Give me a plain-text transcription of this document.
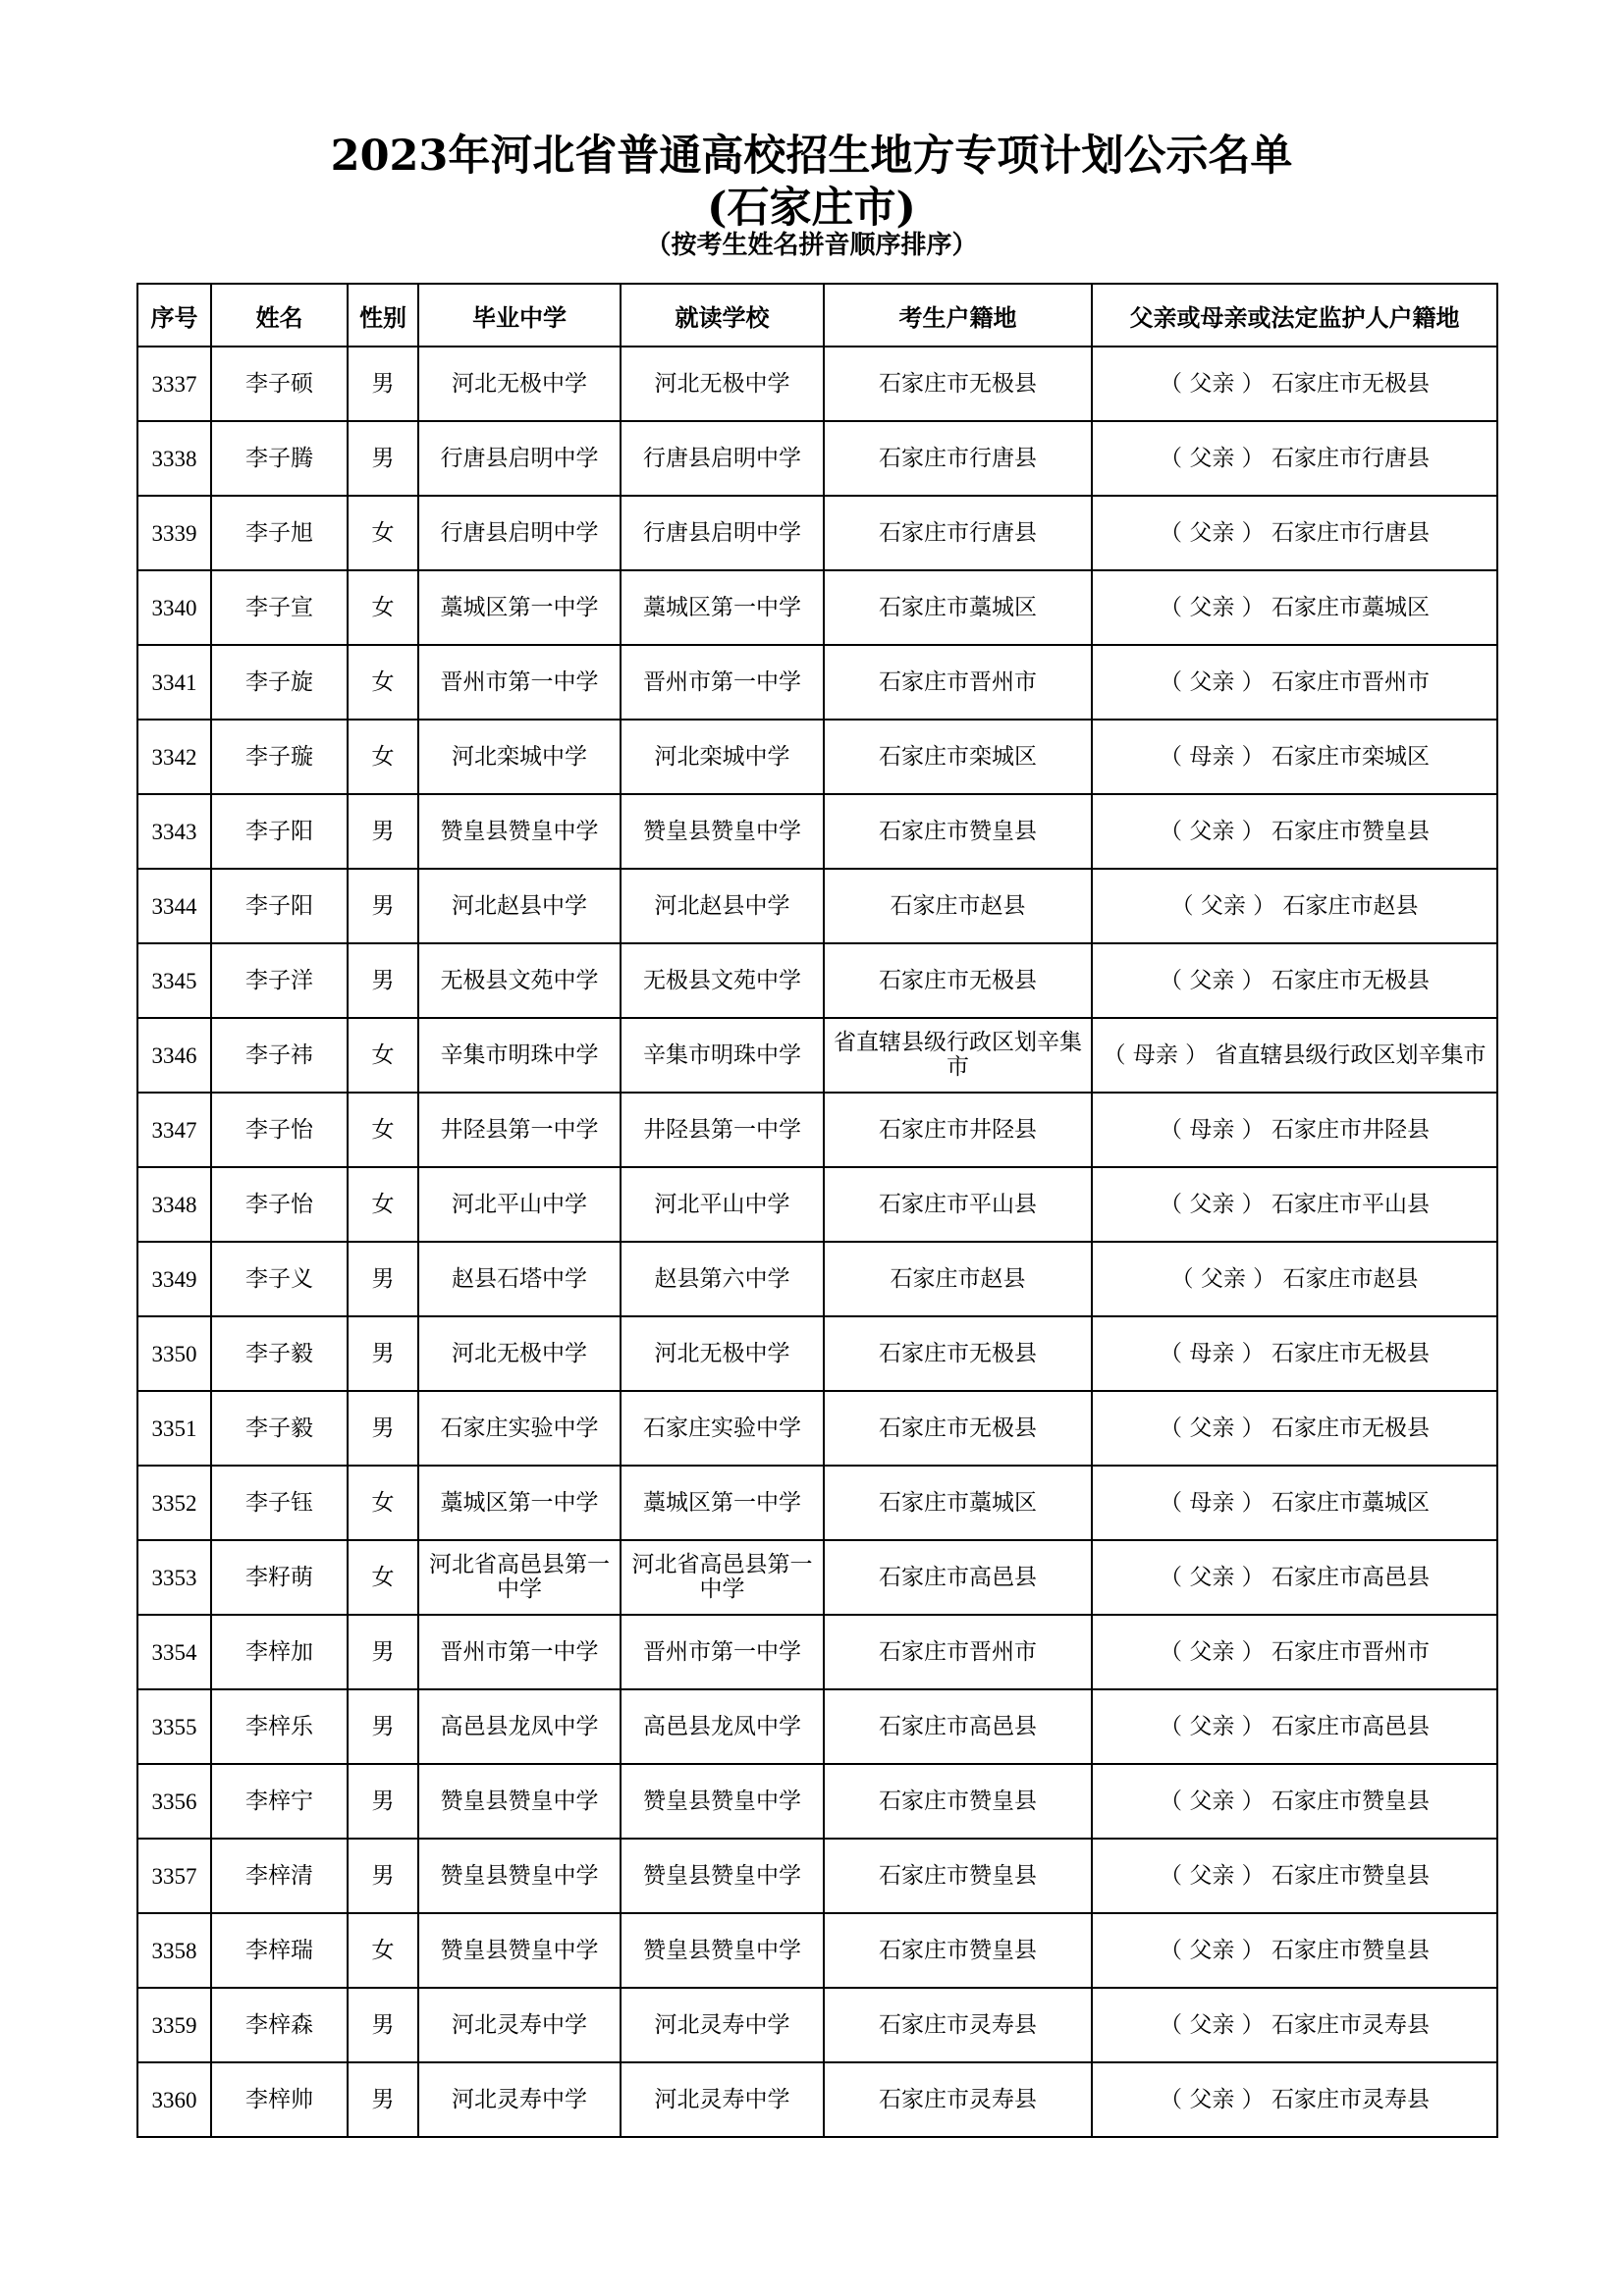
2023年河北省普通高校招生地方专项计划公示名单
(石家庄市)
（按考生姓名拼音顺序排序）
序号	姓名	性别	毕业中学	就读学校	考生户籍地	父亲或母亲或法定监护人户籍地
3337	李子硕	男	河北无极中学	河北无极中学	石家庄市无极县	（ 父亲 ） 石家庄市无极县
3338	李子腾	男	行唐县启明中学	行唐县启明中学	石家庄市行唐县	（ 父亲 ） 石家庄市行唐县
3339	李子旭	女	行唐县启明中学	行唐县启明中学	石家庄市行唐县	（ 父亲 ） 石家庄市行唐县
3340	李子宣	女	藁城区第一中学	藁城区第一中学	石家庄市藁城区	（ 父亲 ） 石家庄市藁城区
3341	李子旋	女	晋州市第一中学	晋州市第一中学	石家庄市晋州市	（ 父亲 ） 石家庄市晋州市
3342	李子璇	女	河北栾城中学	河北栾城中学	石家庄市栾城区	（ 母亲 ） 石家庄市栾城区
3343	李子阳	男	赞皇县赞皇中学	赞皇县赞皇中学	石家庄市赞皇县	（ 父亲 ） 石家庄市赞皇县
3344	李子阳	男	河北赵县中学	河北赵县中学	石家庄市赵县	（ 父亲 ） 石家庄市赵县
3345	李子洋	男	无极县文苑中学	无极县文苑中学	石家庄市无极县	（ 父亲 ） 石家庄市无极县
3346	李子祎	女	辛集市明珠中学	辛集市明珠中学	省直辖县级行政区划辛集市	（ 母亲 ） 省直辖县级行政区划辛集市
3347	李子怡	女	井陉县第一中学	井陉县第一中学	石家庄市井陉县	（ 母亲 ） 石家庄市井陉县
3348	李子怡	女	河北平山中学	河北平山中学	石家庄市平山县	（ 父亲 ） 石家庄市平山县
3349	李子义	男	赵县石塔中学	赵县第六中学	石家庄市赵县	（ 父亲 ） 石家庄市赵县
3350	李子毅	男	河北无极中学	河北无极中学	石家庄市无极县	（ 母亲 ） 石家庄市无极县
3351	李子毅	男	石家庄实验中学	石家庄实验中学	石家庄市无极县	（ 父亲 ） 石家庄市无极县
3352	李子钰	女	藁城区第一中学	藁城区第一中学	石家庄市藁城区	（ 母亲 ） 石家庄市藁城区
3353	李籽萌	女	河北省高邑县第一中学	河北省高邑县第一中学	石家庄市高邑县	（ 父亲 ） 石家庄市高邑县
3354	李梓加	男	晋州市第一中学	晋州市第一中学	石家庄市晋州市	（ 父亲 ） 石家庄市晋州市
3355	李梓乐	男	高邑县龙凤中学	高邑县龙凤中学	石家庄市高邑县	（ 父亲 ） 石家庄市高邑县
3356	李梓宁	男	赞皇县赞皇中学	赞皇县赞皇中学	石家庄市赞皇县	（ 父亲 ） 石家庄市赞皇县
3357	李梓清	男	赞皇县赞皇中学	赞皇县赞皇中学	石家庄市赞皇县	（ 父亲 ） 石家庄市赞皇县
3358	李梓瑞	女	赞皇县赞皇中学	赞皇县赞皇中学	石家庄市赞皇县	（ 父亲 ） 石家庄市赞皇县
3359	李梓森	男	河北灵寿中学	河北灵寿中学	石家庄市灵寿县	（ 父亲 ） 石家庄市灵寿县
3360	李梓帅	男	河北灵寿中学	河北灵寿中学	石家庄市灵寿县	（ 父亲 ） 石家庄市灵寿县
